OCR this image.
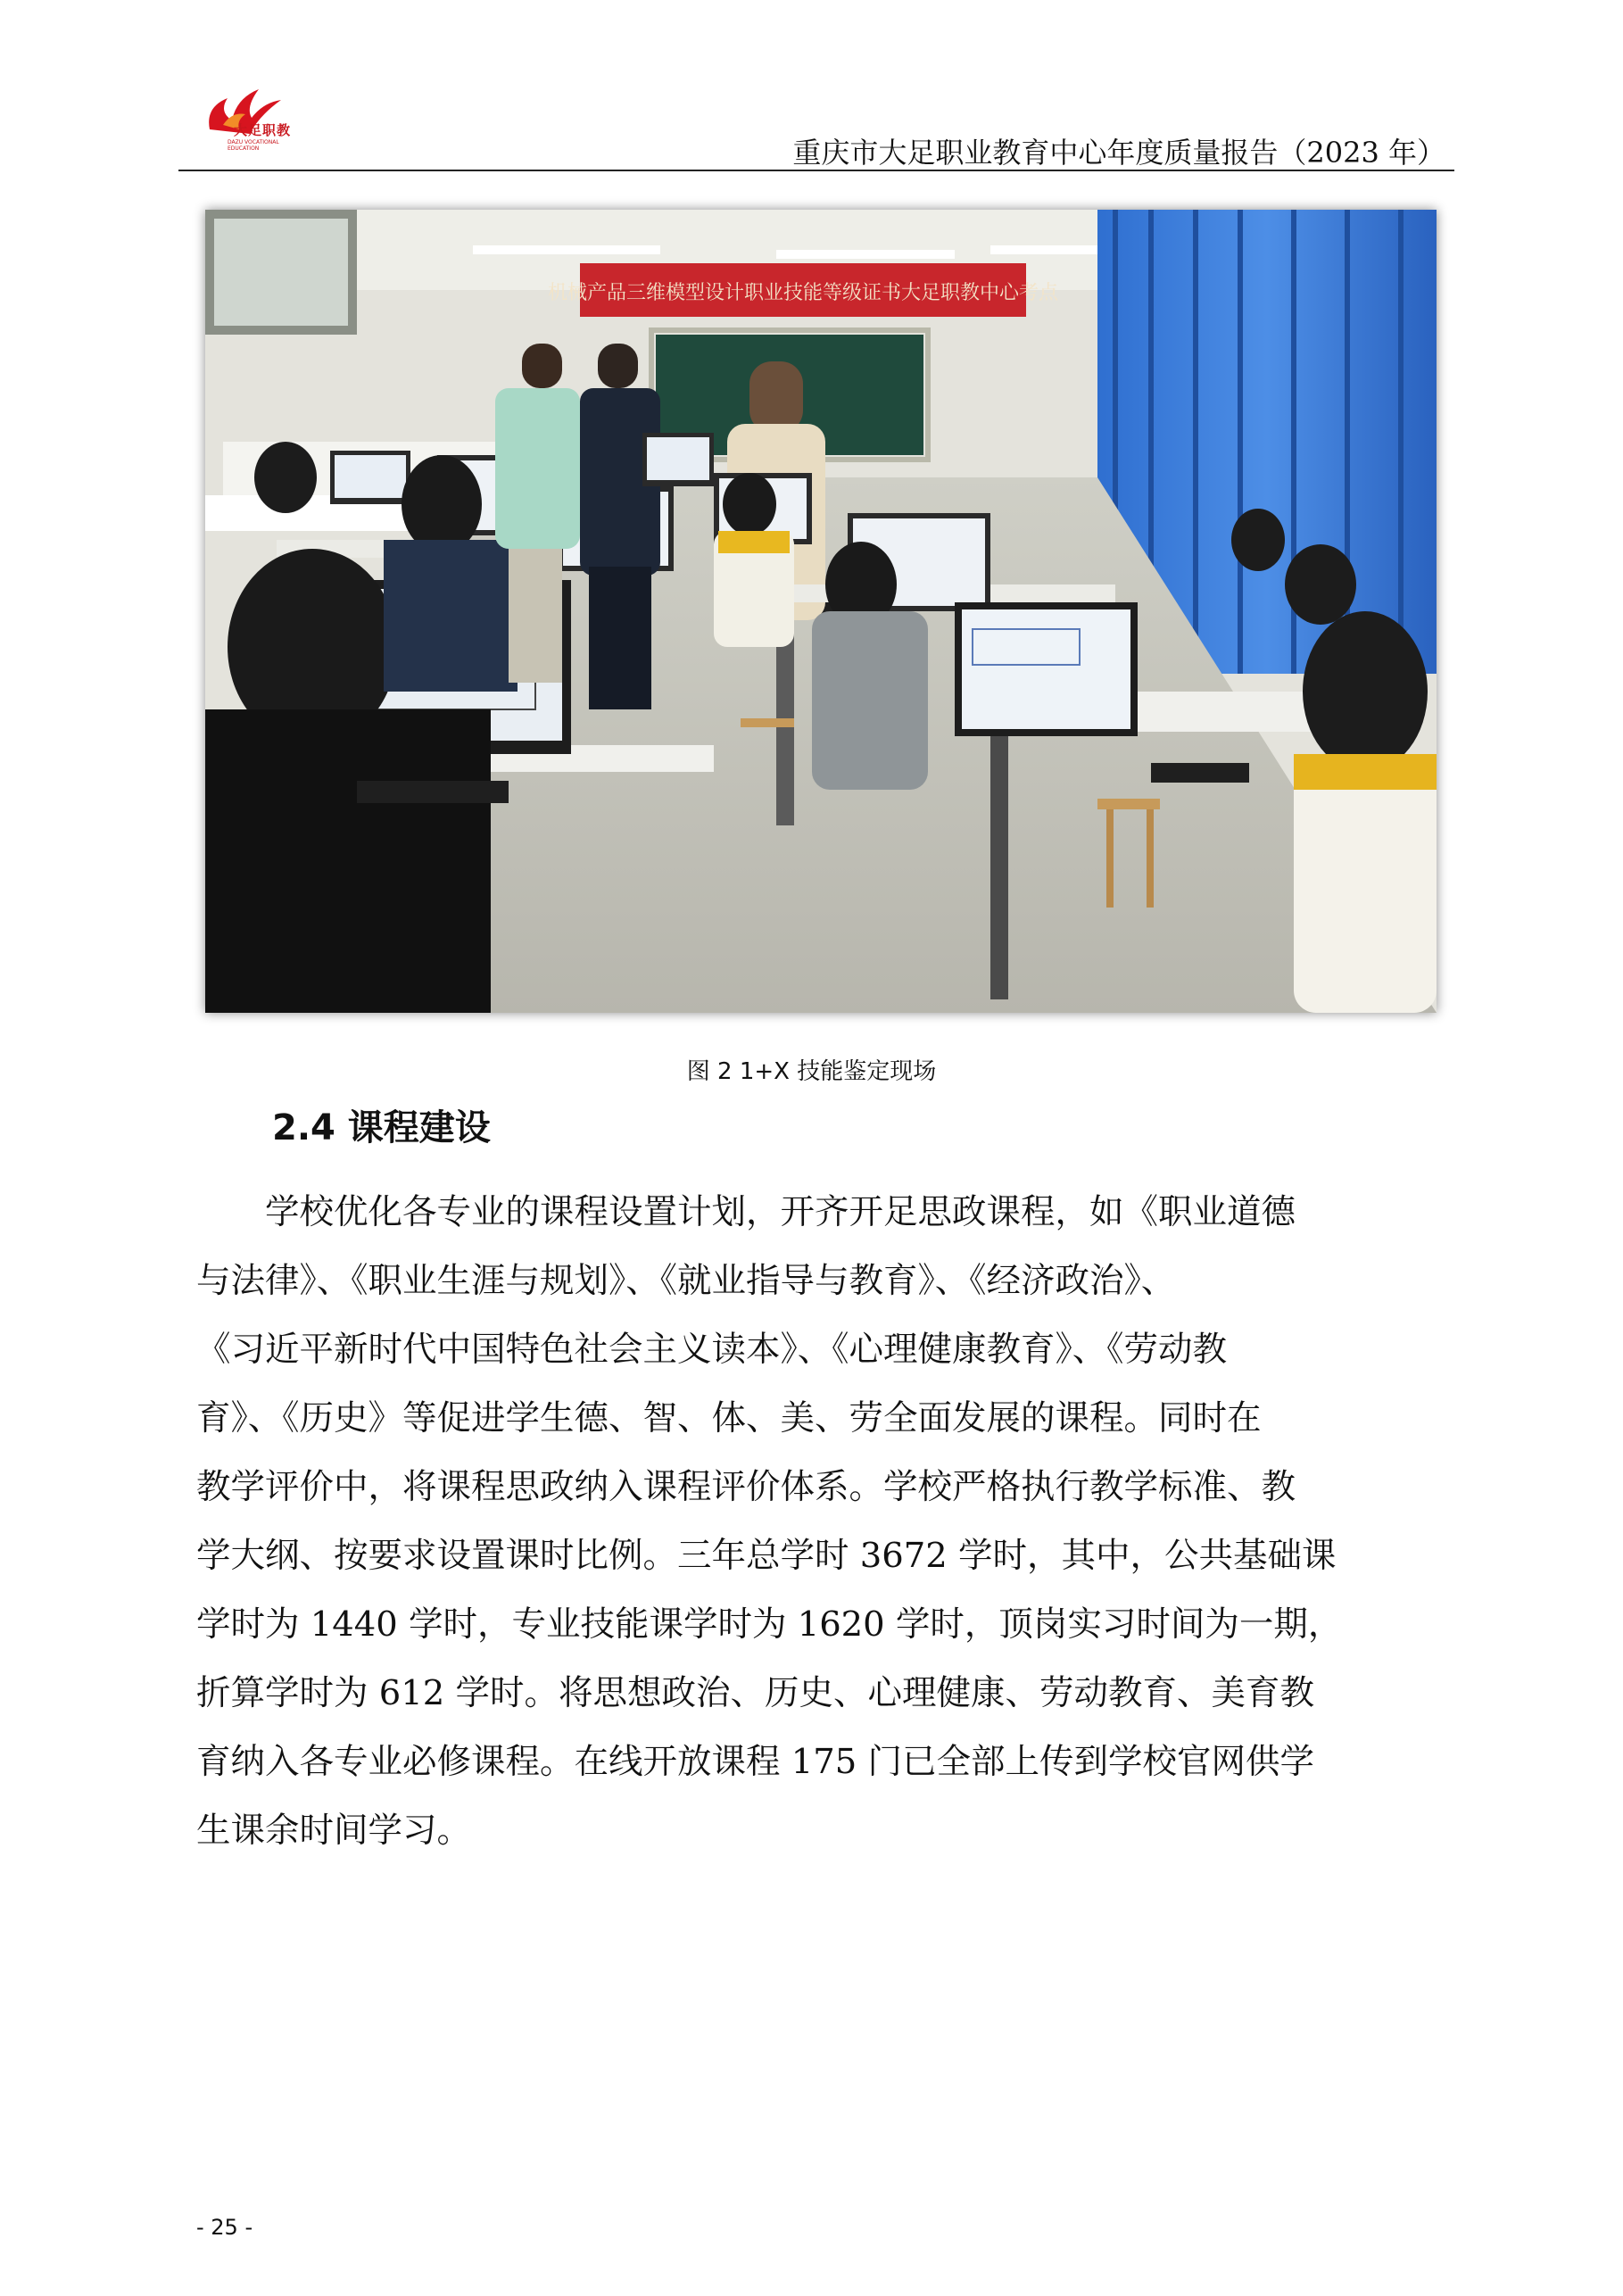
大足职教
DAZU VOCATIONAL EDUCATION	重庆市大足职业教育中心年度质量报告（2023 年）
机械产品三维模型设计职业技能等级证书大足职教中心考点
图 2 1+X 技能鉴定现场
2.4 课程建设
学校优化各专业的课程设置计划，开齐开足思政课程，如《职业道德
与法律》、《职业生涯与规划》、《就业指导与教育》、《经济政治》、
《习近平新时代中国特色社会主义读本》、《心理健康教育》、《劳动教
育》、《历史》等促进学生德、智、体、美、劳全面发展的课程。同时在
教学评价中，将课程思政纳入课程评价体系。学校严格执行教学标准、教
学大纲、按要求设置课时比例。三年总学时 3672 学时，其中，公共基础课
学时为 1440 学时，专业技能课学时为 1620 学时，顶岗实习时间为一期，
折算学时为 612 学时。将思想政治、历史、心理健康、劳动教育、美育教
育纳入各专业必修课程。在线开放课程 175 门已全部上传到学校官网供学
生课余时间学习。
- 25 -
